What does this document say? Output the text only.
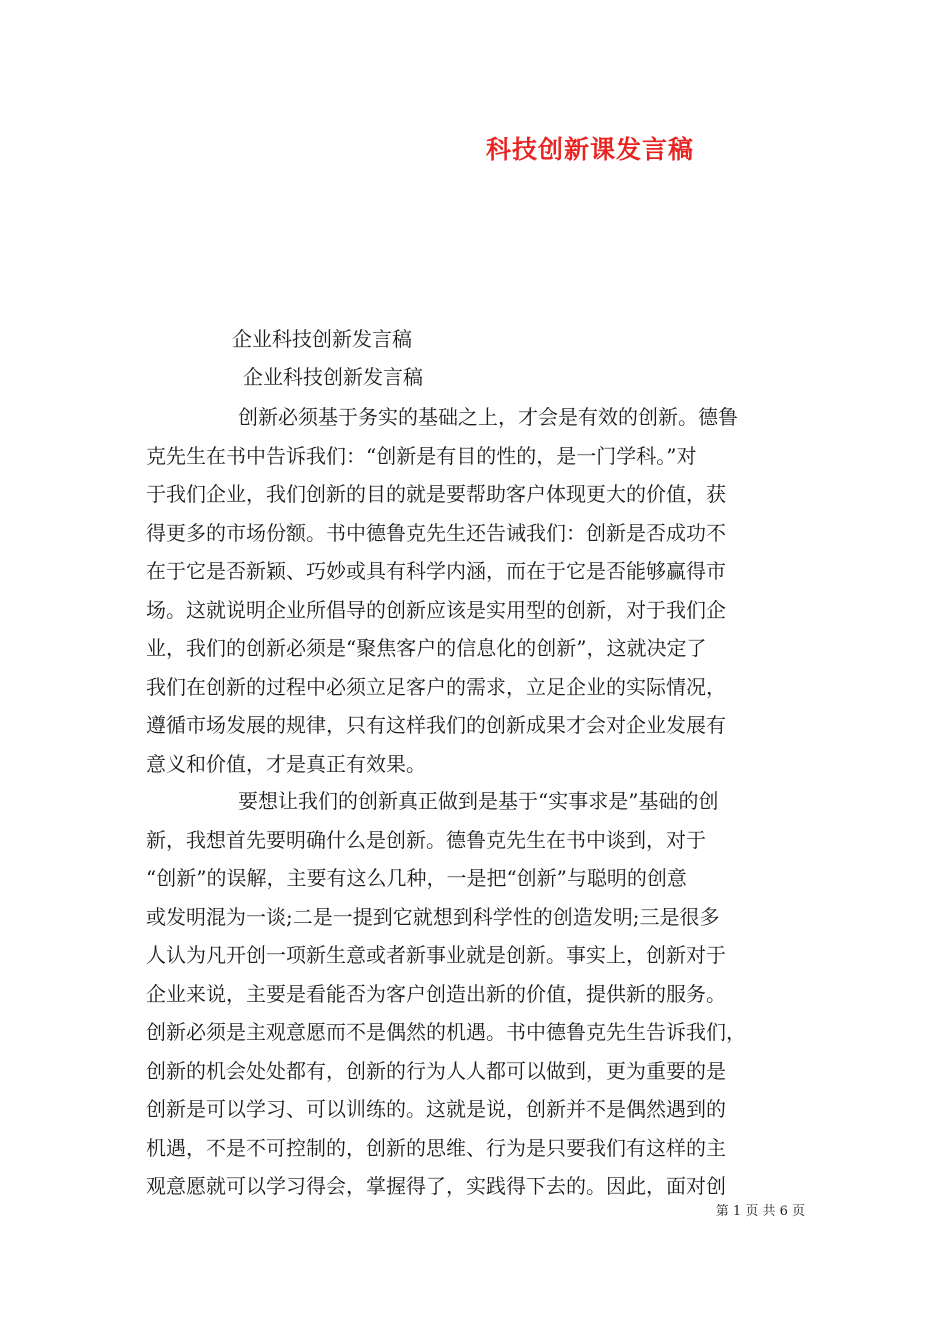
科技创新课发言稿
企业科技创新发言稿
企业科技创新发言稿
创新必须基于务实的基础之上，才会是有效的创新。德鲁
克先生在书中告诉我们：“创新是有目的性的，是一门学科。”对
于我们企业，我们创新的目的就是要帮助客户体现更大的价值，获
得更多的市场份额。书中德鲁克先生还告诫我们：创新是否成功不
在于它是否新颖、巧妙或具有科学内涵，而在于它是否能够赢得市
场。这就说明企业所倡导的创新应该是实用型的创新，对于我们企
业，我们的创新必须是“聚焦客户的信息化的创新”，这就决定了
我们在创新的过程中必须立足客户的需求，立足企业的实际情况，
遵循市场发展的规律，只有这样我们的创新成果才会对企业发展有
意义和价值，才是真正有效果。
要想让我们的创新真正做到是基于“实事求是”基础的创
新，我想首先要明确什么是创新。德鲁克先生在书中谈到，对于
“创新”的误解，主要有这么几种，一是把“创新”与聪明的创意
或发明混为一谈;二是一提到它就想到科学性的创造发明;三是很多
人认为凡开创一项新生意或者新事业就是创新。事实上，创新对于
企业来说，主要是看能否为客户创造出新的价值，提供新的服务。
创新必须是主观意愿而不是偶然的机遇。书中德鲁克先生告诉我们，
创新的机会处处都有，创新的行为人人都可以做到，更为重要的是
创新是可以学习、可以训练的。这就是说，创新并不是偶然遇到的
机遇，不是不可控制的，创新的思维、行为是只要我们有这样的主
观意愿就可以学习得会，掌握得了，实践得下去的。因此，面对创
第 1 页 共 6 页
